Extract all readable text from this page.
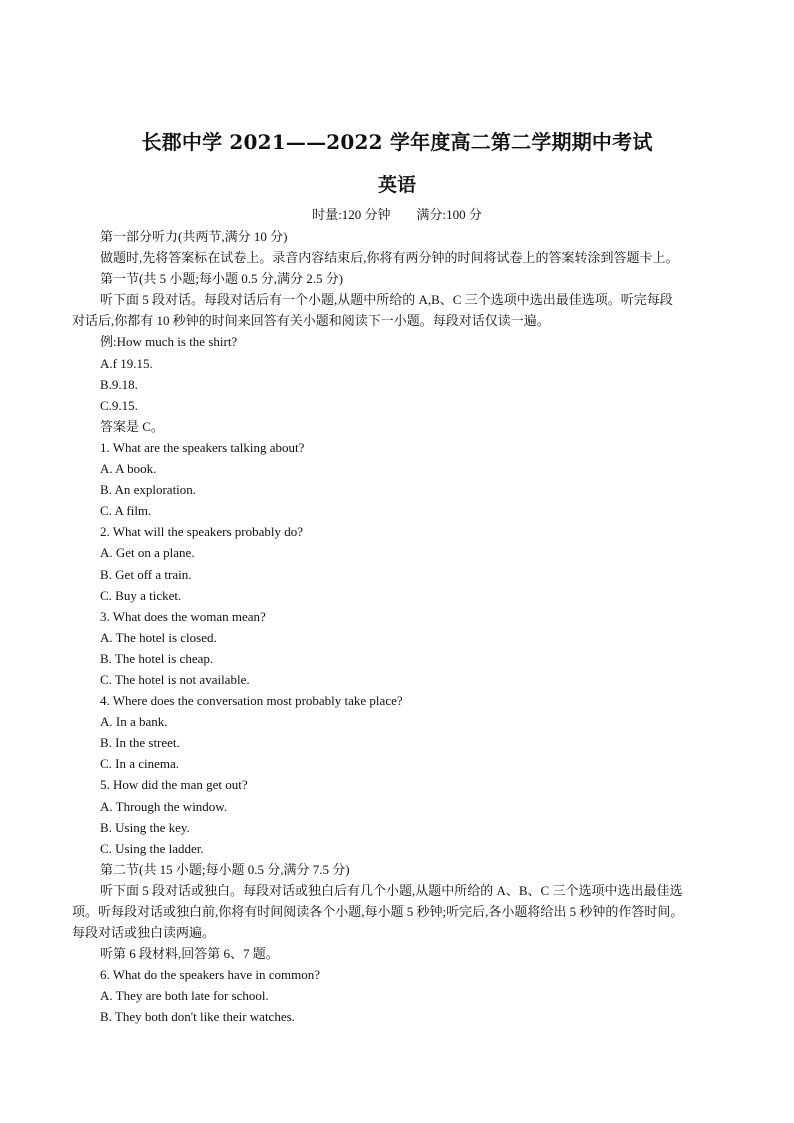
长郡中学 2021——2022 学年度高二第二学期期中考试
英语
时量:120 分钟 满分:100 分
第一部分听力(共两节,满分 10 分)
做题时,先将答案标在试卷上。录音内容结束后,你将有两分钟的时间将试卷上的答案转涂到答题卡上。
第一节(共 5 小题;每小题 0.5 分,满分 2.5 分)
听下面 5 段对话。每段对话后有一个小题,从题中所给的 A,B、C 三个选项中选出最佳选项。听完每段
对话后,你都有 10 秒钟的时间来回答有关小题和阅读下一小题。每段对话仅读一遍。
例:How much is the shirt?
A.f 19.15.
B.9.18.
C.9.15.
答案是 C。
1. What are the speakers talking about?
A. A book.
B. An exploration.
C. A film.
2. What will the speakers probably do?
A. Get on a plane.
B. Get off a train.
C. Buy a ticket.
3. What does the woman mean?
A. The hotel is closed.
B. The hotel is cheap.
C. The hotel is not available.
4. Where does the conversation most probably take place?
A. In a bank.
B. In the street.
C. In a cinema.
5. How did the man get out?
A. Through the window.
B. Using the key.
C. Using the ladder.
第二节(共 15 小题;每小题 0.5 分,满分 7.5 分)
听下面 5 段对话或独白。每段对话或独白后有几个小题,从题中所给的 A、B、C 三个选项中选出最佳选
项。听每段对话或独白前,你将有时间阅读各个小题,每小题 5 秒钟;听完后,各小题将给出 5 秒钟的作答时间。
每段对话或独白读两遍。
听第 6 段材料,回答第 6、7 题。
6. What do the speakers have in common?
A. They are both late for school.
B. They both don't like their watches.
